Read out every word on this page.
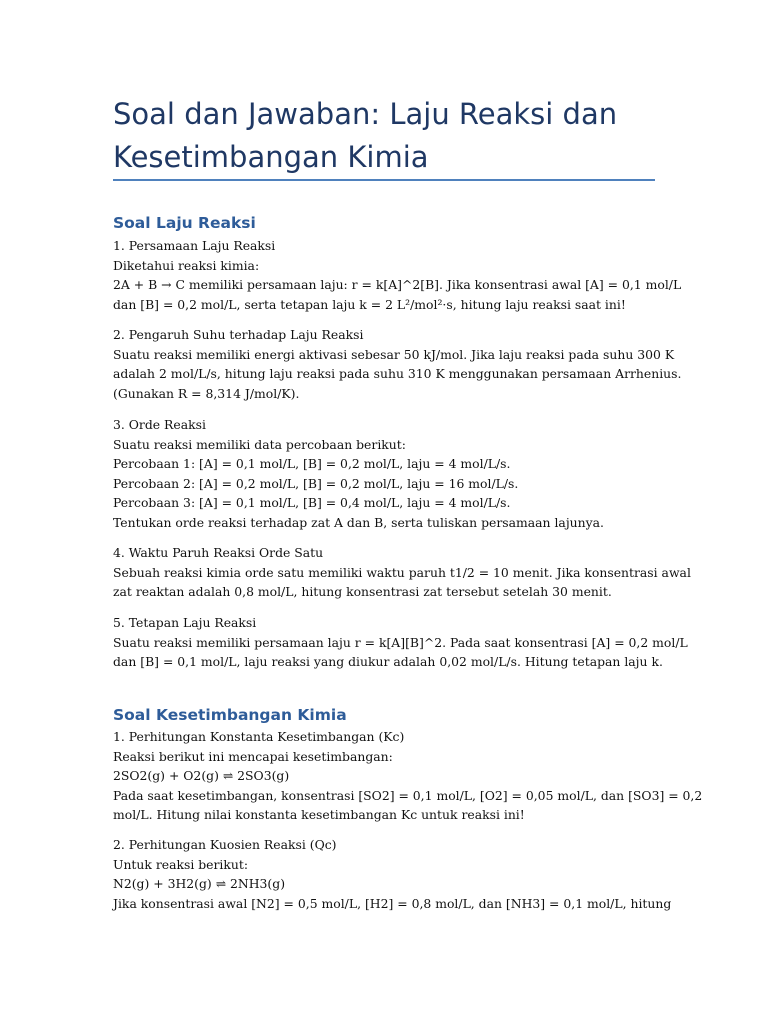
Soal dan Jawaban: Laju Reaksi dan
Kesetimbangan Kimia
Soal Laju Reaksi
1. Persamaan Laju Reaksi
Diketahui reaksi kimia:
2A + B → C memiliki persamaan laju: r = k[A]^2[B]. Jika konsentrasi awal [A] = 0,1 mol/L
dan [B] = 0,2 mol/L, serta tetapan laju k = 2 L²/mol²·s, hitung laju reaksi saat ini!
2. Pengaruh Suhu terhadap Laju Reaksi
Suatu reaksi memiliki energi aktivasi sebesar 50 kJ/mol. Jika laju reaksi pada suhu 300 K
adalah 2 mol/L/s, hitung laju reaksi pada suhu 310 K menggunakan persamaan Arrhenius.
(Gunakan R = 8,314 J/mol/K).
3. Orde Reaksi
Suatu reaksi memiliki data percobaan berikut:
Percobaan 1: [A] = 0,1 mol/L, [B] = 0,2 mol/L, laju = 4 mol/L/s.
Percobaan 2: [A] = 0,2 mol/L, [B] = 0,2 mol/L, laju = 16 mol/L/s.
Percobaan 3: [A] = 0,1 mol/L, [B] = 0,4 mol/L, laju = 4 mol/L/s.
Tentukan orde reaksi terhadap zat A dan B, serta tuliskan persamaan lajunya.
4. Waktu Paruh Reaksi Orde Satu
Sebuah reaksi kimia orde satu memiliki waktu paruh t1/2 = 10 menit. Jika konsentrasi awal
zat reaktan adalah 0,8 mol/L, hitung konsentrasi zat tersebut setelah 30 menit.
5. Tetapan Laju Reaksi
Suatu reaksi memiliki persamaan laju r = k[A][B]^2. Pada saat konsentrasi [A] = 0,2 mol/L
dan [B] = 0,1 mol/L, laju reaksi yang diukur adalah 0,02 mol/L/s. Hitung tetapan laju k.
Soal Kesetimbangan Kimia
1. Perhitungan Konstanta Kesetimbangan (Kc)
Reaksi berikut ini mencapai kesetimbangan:
2SO2(g) + O2(g) ⇌ 2SO3(g)
Pada saat kesetimbangan, konsentrasi [SO2] = 0,1 mol/L, [O2] = 0,05 mol/L, dan [SO3] = 0,2
mol/L. Hitung nilai konstanta kesetimbangan Kc untuk reaksi ini!
2. Perhitungan Kuosien Reaksi (Qc)
Untuk reaksi berikut:
N2(g) + 3H2(g) ⇌ 2NH3(g)
Jika konsentrasi awal [N2] = 0,5 mol/L, [H2] = 0,8 mol/L, dan [NH3] = 0,1 mol/L, hitung
